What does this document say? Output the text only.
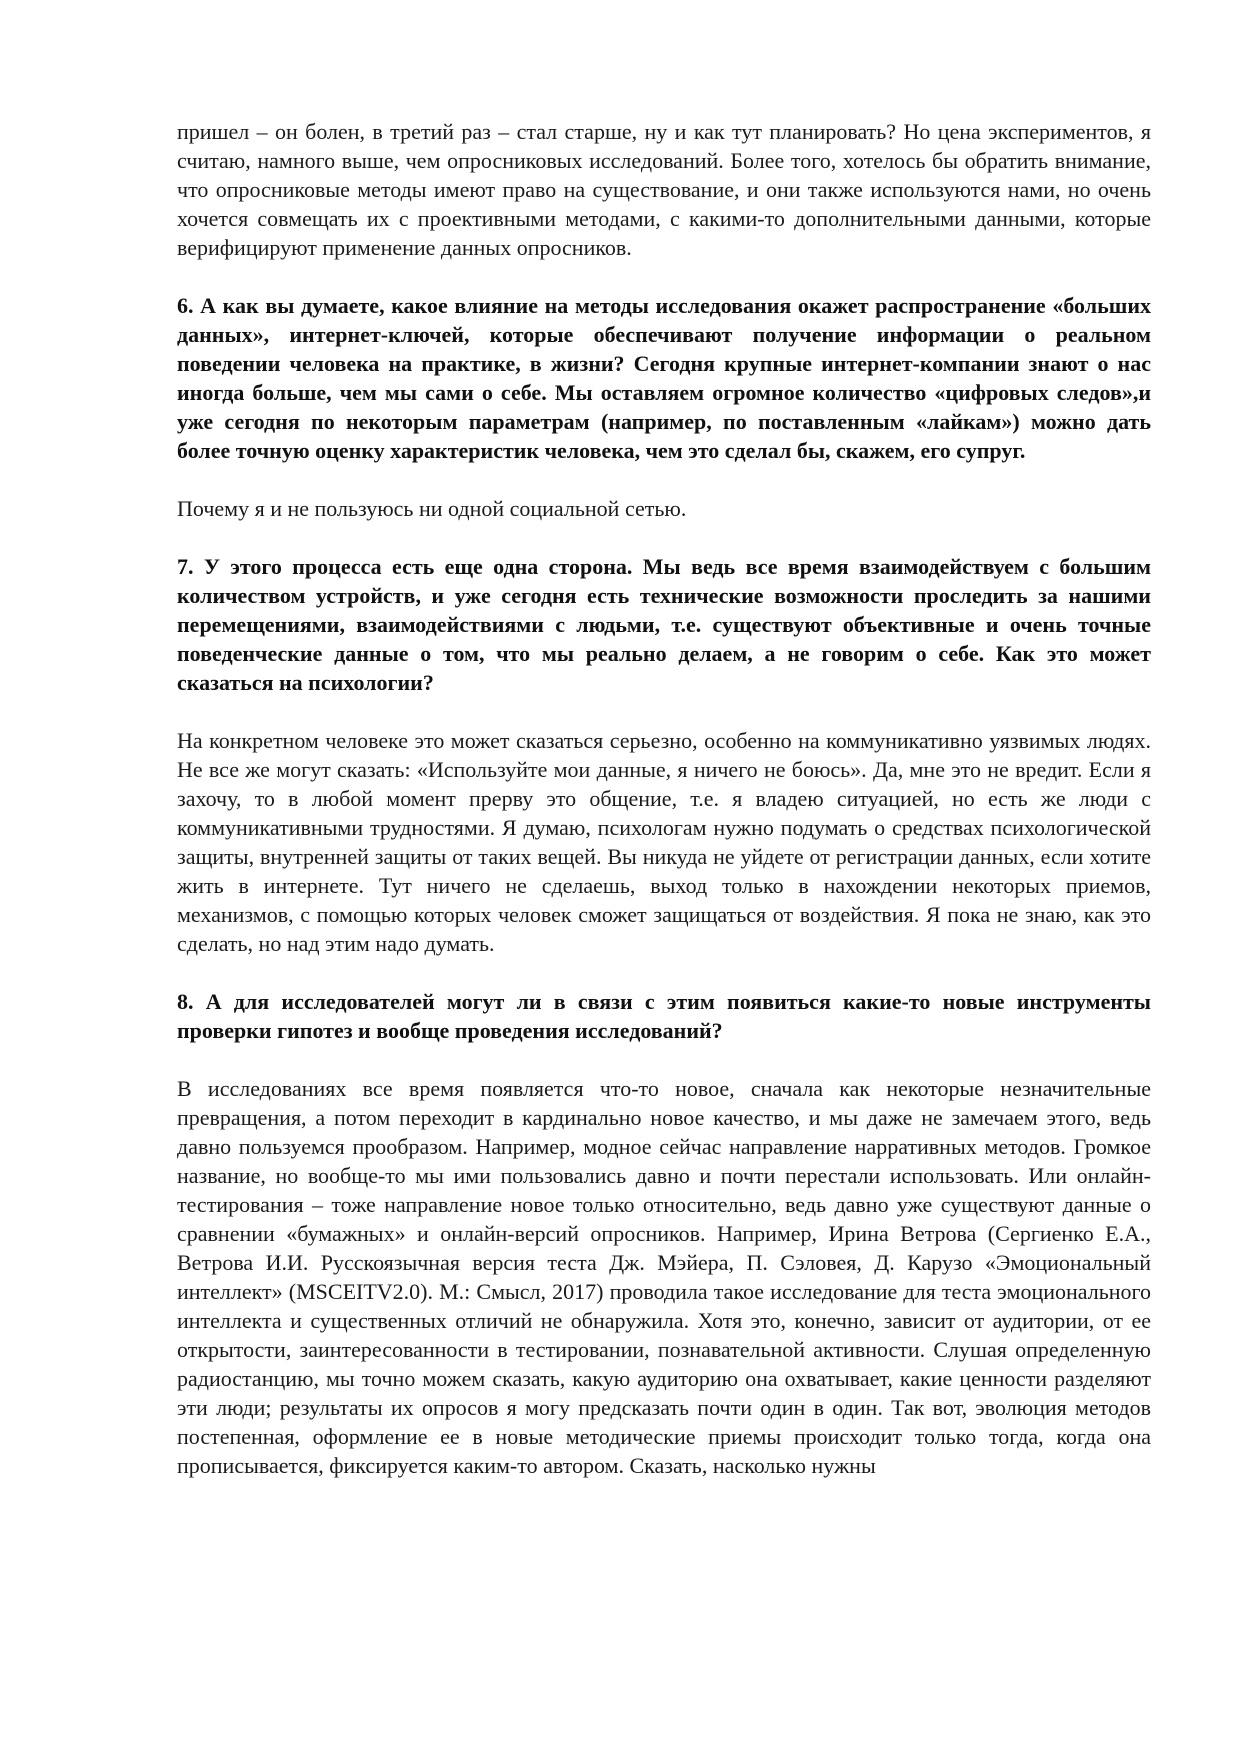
пришел – он болен, в третий раз – стал старше, ну и как тут планировать? Но цена экспериментов, я считаю, намного выше, чем опросниковых исследований. Более того, хотелось бы обратить внимание, что опросниковые методы имеют право на существование, и они также используются нами, но очень хочется совмещать их с проективными методами, с какими-то дополнительными данными, которые верифицируют применение данных опросников.

6. А как вы думаете, какое влияние на методы исследования окажет распространение «больших данных», интернет-ключей, которые обеспечивают получение информации о реальном поведении человека на практике, в жизни? Сегодня крупные интернет-компании знают о нас иногда больше, чем мы сами о себе. Мы оставляем огромное количество «цифровых следов»,и уже сегодня по некоторым параметрам (например, по поставленным «лайкам») можно дать более точную оценку характеристик человека, чем это сделал бы, скажем, его супруг.

Почему я и не пользуюсь ни одной социальной сетью.

7. У этого процесса есть еще одна сторона. Мы ведь все время взаимодействуем с большим количеством устройств, и уже сегодня есть технические возможности проследить за нашими перемещениями, взаимодействиями с людьми, т.е. существуют объективные и очень точные поведенческие данные о том, что мы реально делаем, а не говорим о себе. Как это может сказаться на психологии?

На конкретном человеке это может сказаться серьезно, особенно на коммуникативно уязвимых людях. Не все же могут сказать: «Используйте мои данные, я ничего не боюсь». Да, мне это не вредит. Если я захочу, то в любой момент прерву это общение, т.е. я владею ситуацией, но есть же люди с коммуникативными трудностями. Я думаю, психологам нужно подумать о средствах психологической защиты, внутренней защиты от таких вещей. Вы никуда не уйдете от регистрации данных, если хотите жить в интернете. Тут ничего не сделаешь, выход только в нахождении некоторых приемов, механизмов, с помощью которых человек сможет защищаться от воздействия. Я пока не знаю, как это сделать, но над этим надо думать.

8. А для исследователей могут ли в связи с этим появиться какие-то новые инструменты проверки гипотез и вообще проведения исследований?

В исследованиях все время появляется что-то новое, сначала как некоторые незначительные превращения, а потом переходит в кардинально новое качество, и мы даже не замечаем этого, ведь давно пользуемся прообразом. Например, модное сейчас направление нарративных методов. Громкое название, но вообще-то мы ими пользовались давно и почти перестали использовать. Или онлайн-тестирования – тоже направление новое только относительно, ведь давно уже существуют данные о сравнении «бумажных» и онлайн-версий опросников. Например, Ирина Ветрова (Сергиенко Е.А., Ветрова И.И. Русскоязычная версия теста Дж. Мэйера, П. Сэловея, Д. Карузо «Эмоциональный интеллект» (MSCEITV2.0). М.: Смысл, 2017) проводила такое исследование для теста эмоционального интеллекта и существенных отличий не обнаружила. Хотя это, конечно, зависит от аудитории, от ее открытости, заинтересованности в тестировании, познавательной активности. Слушая определенную радиостанцию, мы точно можем сказать, какую аудиторию она охватывает, какие ценности разделяют эти люди; результаты их опросов я могу предсказать почти один в один. Так вот, эволюция методов постепенная, оформление ее в новые методические приемы происходит только тогда, когда она прописывается, фиксируется каким-то автором. Сказать, насколько нужны
